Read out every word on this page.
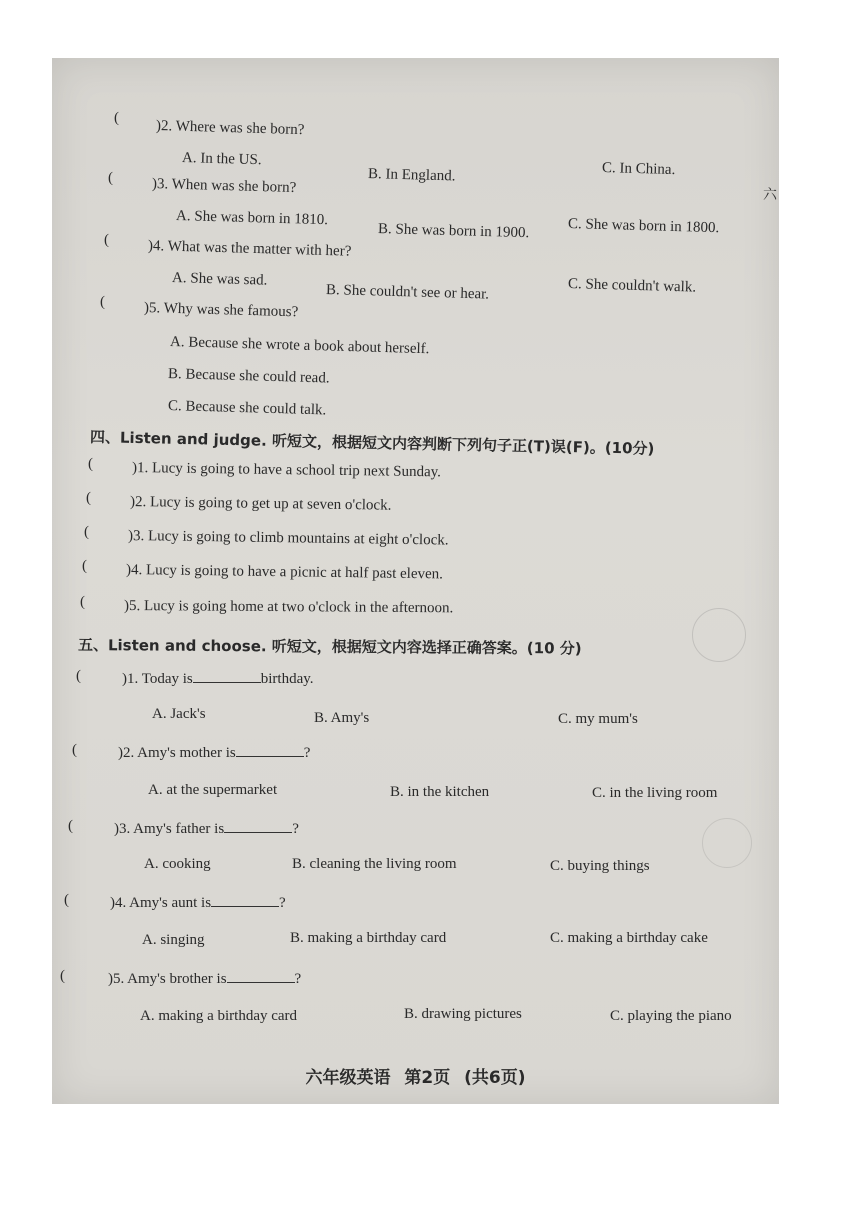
六
(
)2. Where was she born?
A. In the US.
B. In England.	C. In China.
(	)3. When was she born?
A. She was born in 1810.
B. She was born in 1900.	C. She was born in 1800.
(	)4. What was the matter with her?
A. She was sad.
B. She couldn't see or hear.	C. She couldn't walk.
(	)5. Why was she famous?
A. Because she wrote a book about herself.
B. Because she could read.
C. Because she could talk.
四、Listen and judge. 听短文，根据短文内容判断下列句子正(T)误(F)。(10分)
(	)1. Lucy is going to have a school trip next Sunday.
(	)2. Lucy is going to get up at seven o'clock.
(	)3. Lucy is going to climb mountains at eight o'clock.
(	)4. Lucy is going to have a picnic at half past eleven.
(	)5. Lucy is going home at two o'clock in the afternoon.
五、Listen and choose. 听短文，根据短文内容选择正确答案。(10 分)
(	)1. Today is	birthday.
A. Jack's	B. Amy's	C. my mum's
(	)2. Amy's mother is	?
A. at the supermarket	B. in the kitchen	C. in the living room
(	)3. Amy's father is	?
A. cooking	B. cleaning the living room	C. buying things
(	)4. Amy's aunt is	?
A. singing	B. making a birthday card	C. making a birthday cake
(	)5. Amy's brother is	?
A. making a birthday card	B. drawing pictures	C. playing the piano
六年级英语 第2页 (共6页)
